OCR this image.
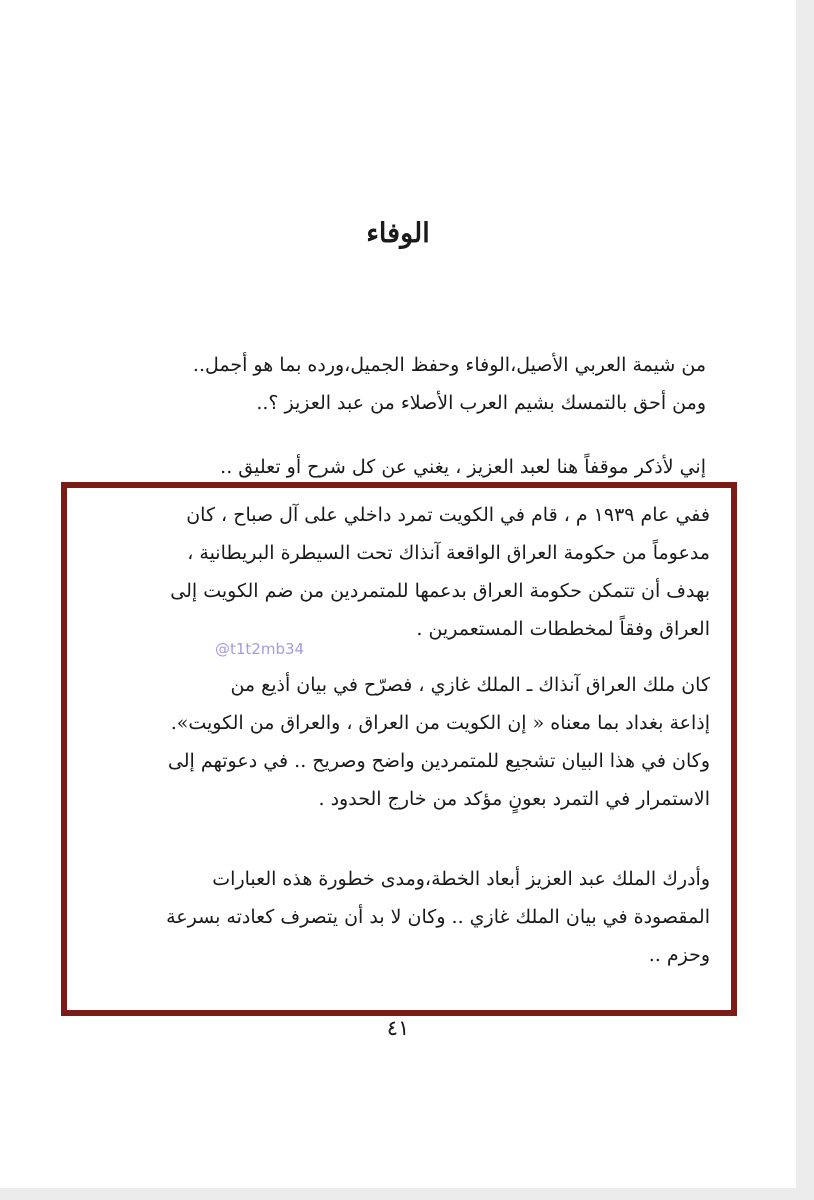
الوفاء
من شيمة العربي الأصيل،الوفاء وحفظ الجميل،ورده بما هو أجمل..
ومن أحق بالتمسك بشيم العرب الأصلاء من عبد العزيز ؟..
إني لأذكر موقفاً هنا لعبد العزيز ، يغني عن كل شرح أو تعليق ..
ففي عام ١٩٣٩ م ، قام في الكويت تمرد داخلي على آل صباح ، كان
مدعوماً من حكومة العراق الواقعة آنذاك تحت السيطرة البريطانية ،
بهدف أن تتمكن حكومة العراق بدعمها للمتمردين من ضم الكويت إلى
العراق وفقاً لمخططات المستعمرين .
@t1t2mb34
كان ملك العراق آنذاك ـ الملك غازي ، فصرّح في بيان أذيع من
إذاعة بغداد بما معناه « إن الكويت من العراق ، والعراق من الكويت».
وكان في هذا البيان تشجيع للمتمردين واضح وصريح .. في دعوتهم إلى
الاستمرار في التمرد بعونٍ مؤكد من خارج الحدود .
وأدرك الملك عبد العزيز أبعاد الخطة،ومدى خطورة هذه العبارات
المقصودة في بيان الملك غازي .. وكان لا بد أن يتصرف كعادته بسرعة
وحزم ..
٤١
